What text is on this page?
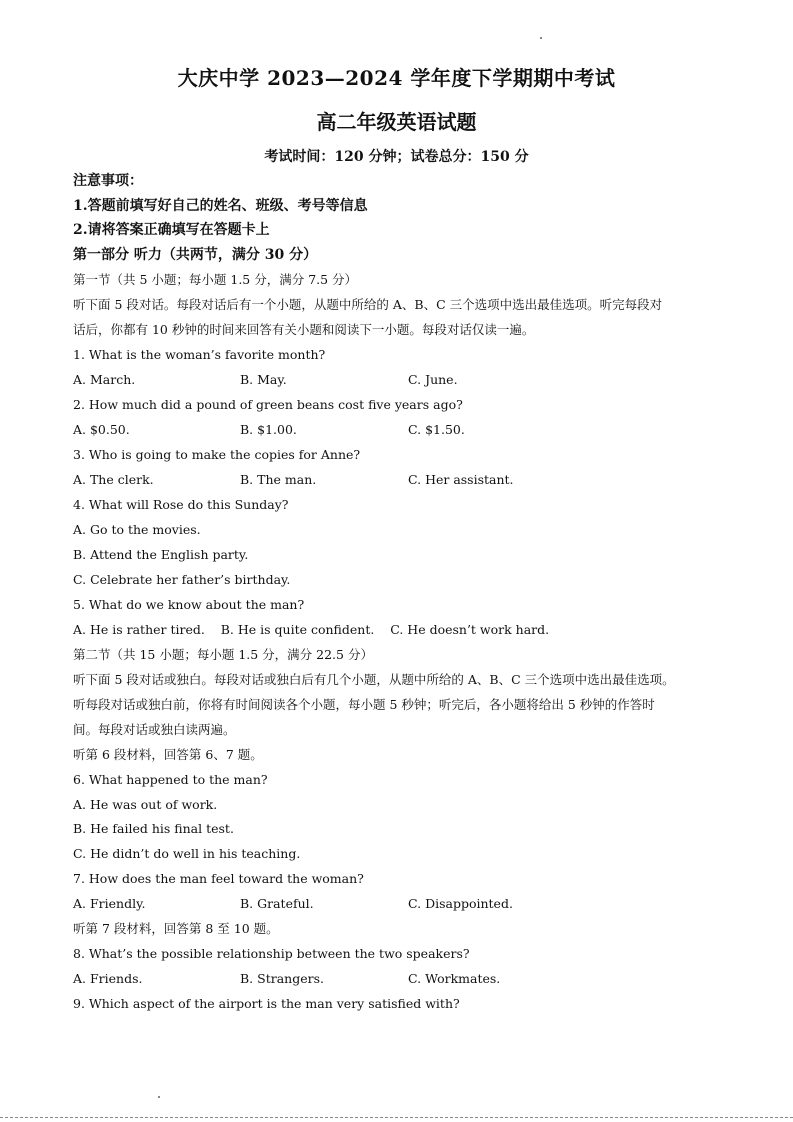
大庆中学 2023—2024 学年度下学期期中考试
高二年级英语试题
考试时间：120 分钟；试卷总分：150 分
注意事项：
1.答题前填写好自己的姓名、班级、考号等信息
2.请将答案正确填写在答题卡上
第一部分 听力（共两节，满分 30 分）
第一节（共 5 小题；每小题 1.5 分，满分 7.5 分）
听下面 5 段对话。每段对话后有一个小题，从题中所给的 A、B、C 三个选项中选出最佳选项。听完每段对
话后，你都有 10 秒钟的时间来回答有关小题和阅读下一小题。每段对话仅读一遍。
1. What is the woman’s favorite month?
A. March.	B. May.	C. June.
2. How much did a pound of green beans cost five years ago?
A. $0.50.	B. $1.00.	C. $1.50.
3. Who is going to make the copies for Anne?
A. The clerk.	B. The man.	C. Her assistant.
4. What will Rose do this Sunday?
A. Go to the movies.
B. Attend the English party.
C. Celebrate her father’s birthday.
5. What do we know about the man?
A. He is rather tired.    B. He is quite confident.    C. He doesn’t work hard.
第二节（共 15 小题；每小题 1.5 分，满分 22.5 分）
听下面 5 段对话或独白。每段对话或独白后有几个小题，从题中所给的 A、B、C 三个选项中选出最佳选项。
听每段对话或独白前，你将有时间阅读各个小题，每小题 5 秒钟；听完后，各小题将给出 5 秒钟的作答时
间。每段对话或独白读两遍。
听第 6 段材料，回答第 6、7 题。
6. What happened to the man?
A. He was out of work.
B. He failed his final test.
C. He didn’t do well in his teaching.
7. How does the man feel toward the woman?
A. Friendly.	B. Grateful.	C. Disappointed.
听第 7 段材料，回答第 8 至 10 题。
8. What’s the possible relationship between the two speakers?
A. Friends.	B. Strangers.	C. Workmates.
9. Which aspect of the airport is the man very satisfied with?
